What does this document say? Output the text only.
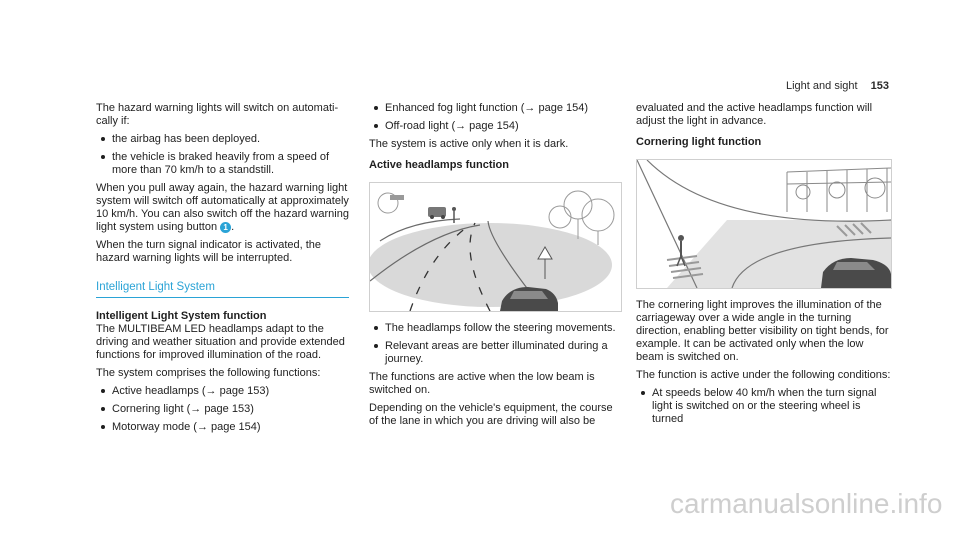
Light and sight 153

The hazard warning lights will switch on automatically if:

the airbag has been deployed.
the vehicle is braked heavily from a speed of more than 70 km/h to a standstill.

When you pull away again, the hazard warning light system will switch off automatically at approximately 10 km/h. You can also switch off the hazard warning light system using button 1 .

When the turn signal indicator is activated, the hazard warning lights will be interrupted.

Intelligent Light System
Intelligent Light System function

The MULTIBEAM LED headlamps adapt to the driving and weather situation and provide extended functions for improved illumination of the road.

The system comprises the following functions:

Active headlamps (→ page 153)
Cornering light (→ page 153)
Motorway mode (→ page 154)
Enhanced fog light function (→ page 154)
Off-road light (→ page 154)

The system is active only when it is dark.

Active headlamps function
The headlamps follow the steering movements.
Relevant areas are better illuminated during a journey.

The functions are active when the low beam is switched on.

Depending on the vehicle's equipment, the course of the lane in which you are driving will also be

evaluated and the active headlamps function will adjust the light in advance.

Cornering light function

The cornering light improves the illumination of the carriageway over a wide angle in the turning direction, enabling better visibility on tight bends, for example. It can be activated only when the low beam is switched on.

The function is active under the following conditions:

At speeds below 40 km/h when the turn signal light is switched on or the steering wheel is turned
carmanualsonline.info
